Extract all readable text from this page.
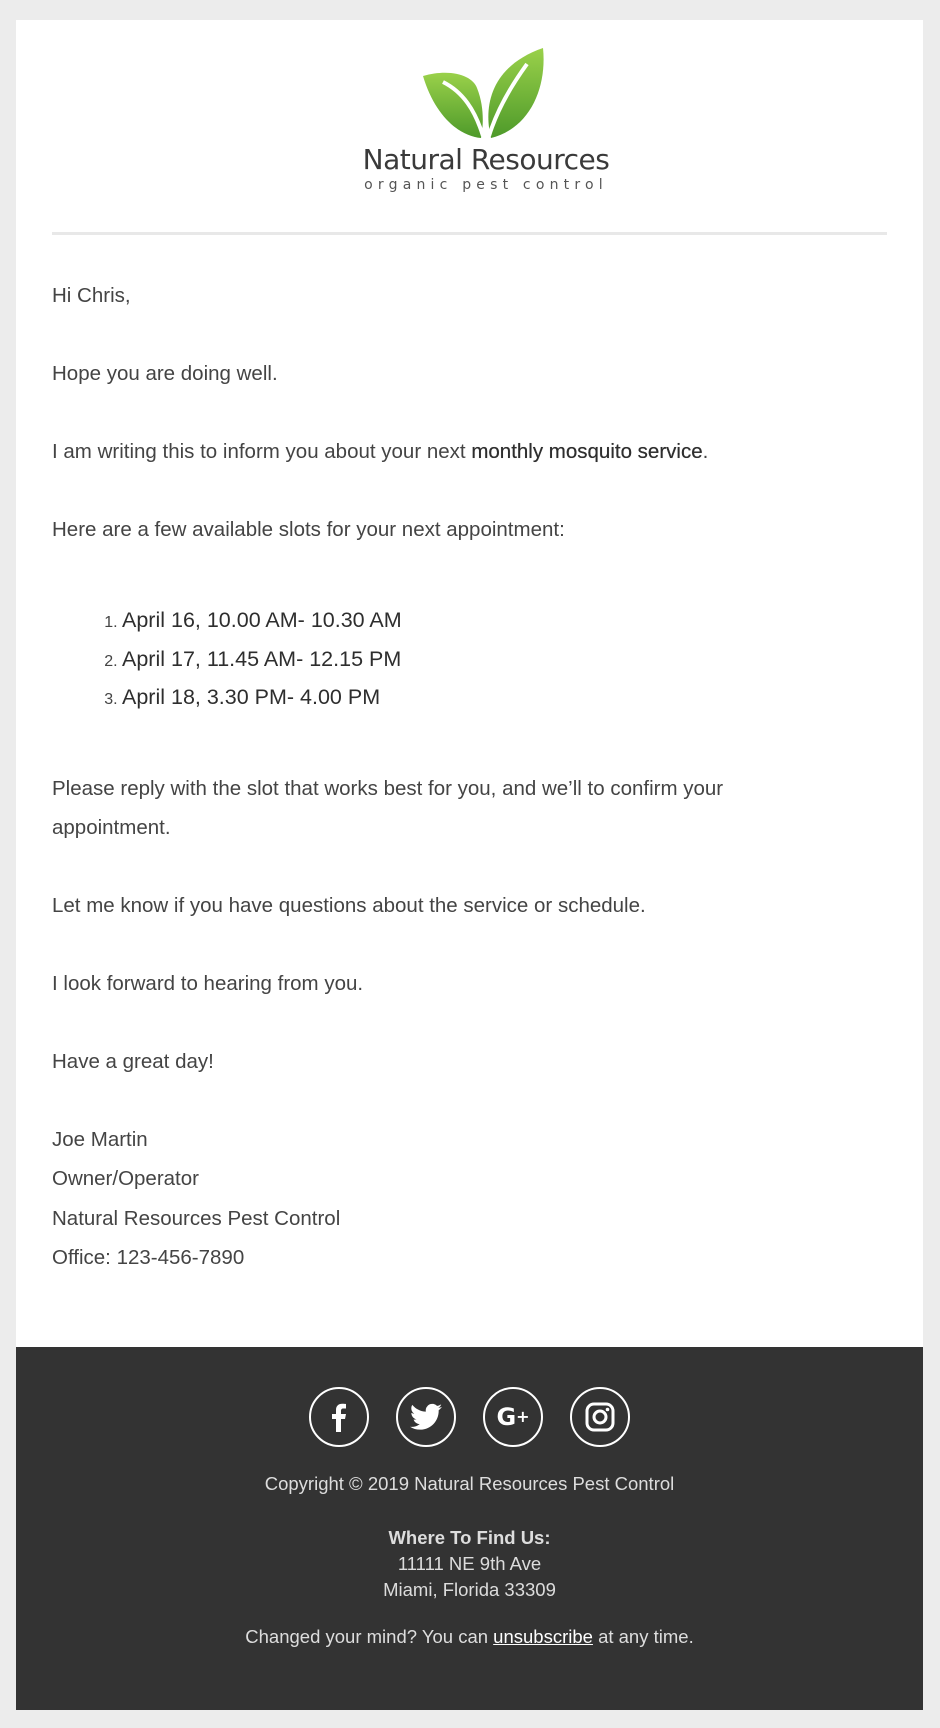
Natural Resources
organic pest control

Hi Chris,

Hope you are doing well.

I am writing this to inform you about your next monthly mosquito service.

Here are a few available slots for your next appointment:

1. April 16, 10.00 AM- 10.30 AM
2. April 17, 11.45 AM- 12.15 PM
3. April 18, 3.30 PM- 4.00 PM

Please reply with the slot that works best for you, and we’ll to confirm your appointment.

Let me know if you have questions about the service or schedule.

I look forward to hearing from you.

Have a great day!

Joe Martin

Owner/Operator

Natural Resources Pest Control

Office: 123-456-7890

G+
Copyright © 2019 Natural Resources Pest Control
Where To Find Us:
11111 NE 9th Ave
Miami, Florida 33309
Changed your mind? You can unsubscribe at any time.
